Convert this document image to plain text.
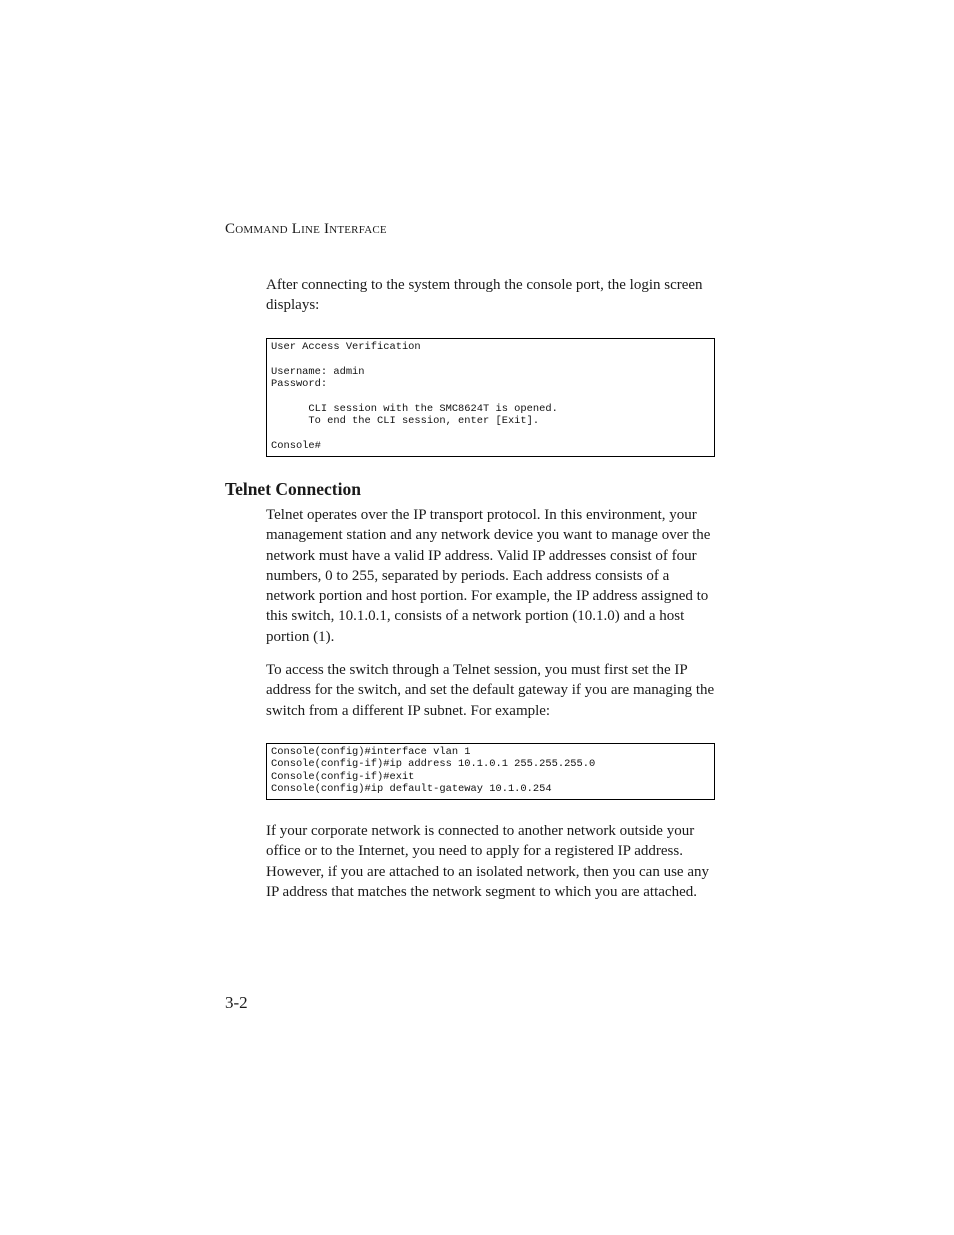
COMMAND LINE INTERFACE

After connecting to the system through the console port, the login screen displays:

User Access Verification

Username: admin
Password:

CLI session with the SMC8624T is opened.
To end the CLI session, enter [Exit].

Console#
Telnet Connection

Telnet operates over the IP transport protocol. In this environment, your management station and any network device you want to manage over the network must have a valid IP address. Valid IP addresses consist of four numbers, 0 to 255, separated by periods. Each address consists of a network portion and host portion. For example, the IP address assigned to this switch, 10.1.0.1, consists of a network portion (10.1.0) and a host portion (1).

To access the switch through a Telnet session, you must first set the IP address for the switch, and set the default gateway if you are managing the switch from a different IP subnet. For example:

Console(config)#interface vlan 1
Console(config-if)#ip address 10.1.0.1 255.255.255.0
Console(config-if)#exit
Console(config)#ip default-gateway 10.1.0.254

If your corporate network is connected to another network outside your office or to the Internet, you need to apply for a registered IP address. However, if you are attached to an isolated network, then you can use any IP address that matches the network segment to which you are attached.

3-2
